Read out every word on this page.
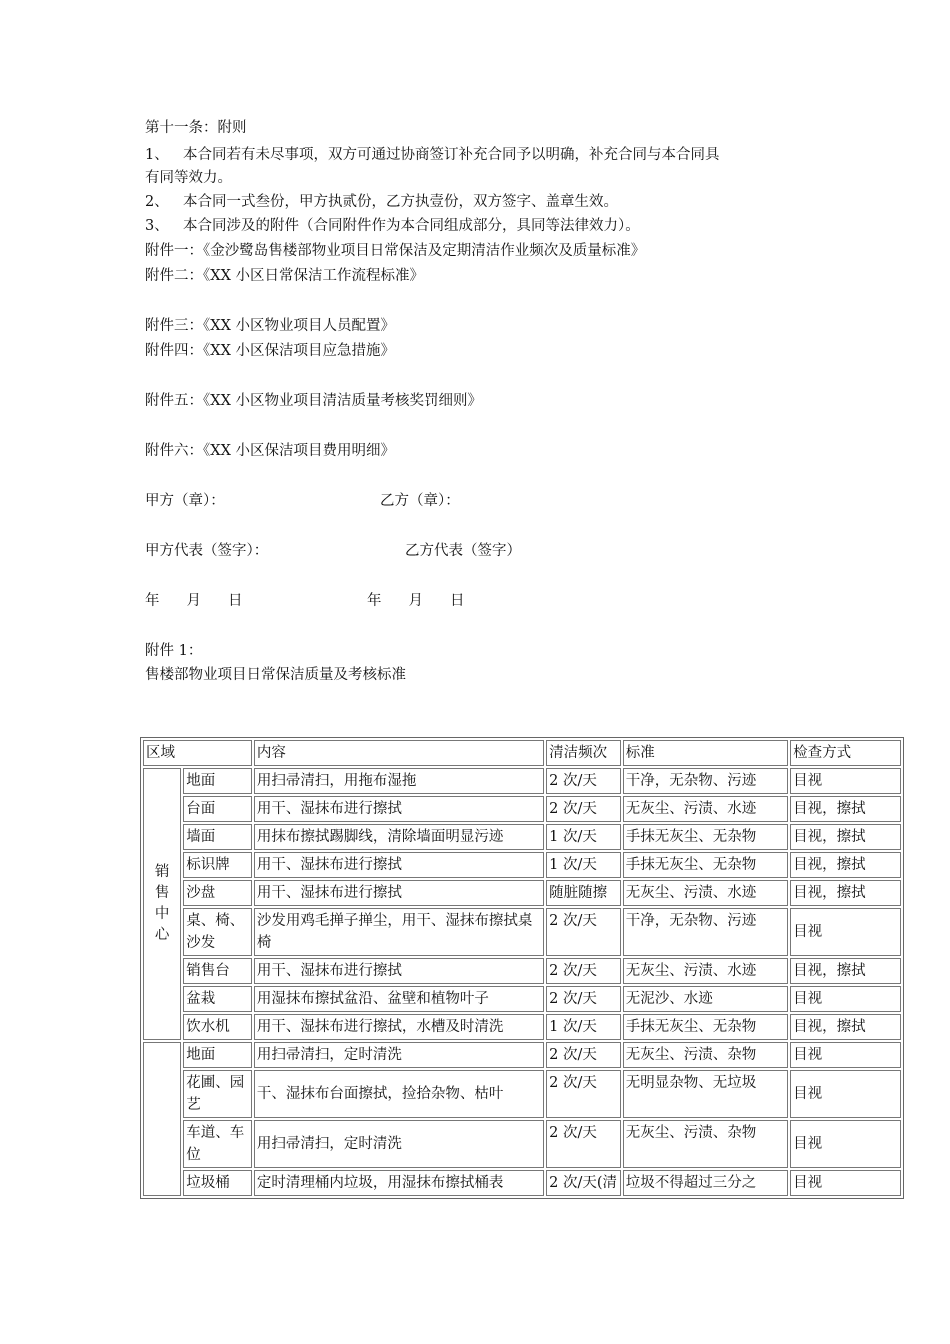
第十一条：附则
1、 本合同若有未尽事项，双方可通过协商签订补充合同予以明确，补充合同与本合同具
有同等效力。
2、 本合同一式叁份，甲方执贰份，乙方执壹份，双方签字、盖章生效。
3、 本合同涉及的附件（合同附件作为本合同组成部分，具同等法律效力）。
附件一：《金沙鹭岛售楼部物业项目日常保洁及定期清洁作业频次及质量标准》
附件二：《XX 小区日常保洁工作流程标准》
附件三：《XX 小区物业项目人员配置》
附件四：《XX 小区保洁项目应急措施》
附件五：《XX 小区物业项目清洁质量考核奖罚细则》
附件六：《XX 小区保洁项目费用明细》
甲方（章）：	乙方（章）：
甲方代表（签字）：	乙方代表（签字）
年 月 日	年 月 日
附件 1：
售楼部物业项目日常保洁质量及考核标准
区域		内容	清洁频次	标准	检查方式

销
售
中
心	地面	用扫帚清扫，用拖布湿拖	2 次/天	干净，无杂物、污迹	目视
	台面	用干、湿抹布进行擦拭	2 次/天	无灰尘、污渍、水迹	目视，擦拭
	墙面	用抹布擦拭踢脚线，清除墙面明显污迹	1 次/天	手抹无灰尘、无杂物	目视，擦拭
	标识牌	用干、湿抹布进行擦拭	1 次/天	手抹无灰尘、无杂物	目视，擦拭
	沙盘	用干、湿抹布进行擦拭	随脏随擦	无灰尘、污渍、水迹	目视，擦拭
	桌、椅、沙发	沙发用鸡毛掸子掸尘，用干、湿抹布擦拭桌椅	2 次/天	干净，无杂物、污迹	目视
	销售台	用干、湿抹布进行擦拭	2 次/天	无灰尘、污渍、水迹	目视，擦拭
	盆栽	用湿抹布擦拭盆沿、盆壁和植物叶子	2 次/天	无泥沙、水迹	目视
	饮水机	用干、湿抹布进行擦拭，水槽及时清洗	1 次/天	手抹无灰尘、无杂物	目视，擦拭
	地面	用扫帚清扫，定时清洗	2 次/天	无灰尘、污渍、杂物	目视
	花圃、园艺	干、湿抹布台面擦拭，捡拾杂物、枯叶	2 次/天	无明显杂物、无垃圾	目视
	车道、车位	用扫帚清扫，定时清洗	2 次/天	无灰尘、污渍、杂物	目视
	垃圾桶	定时清理桶内垃圾，用湿抹布擦拭桶表	2 次/天(清	垃圾不得超过三分之	目视
